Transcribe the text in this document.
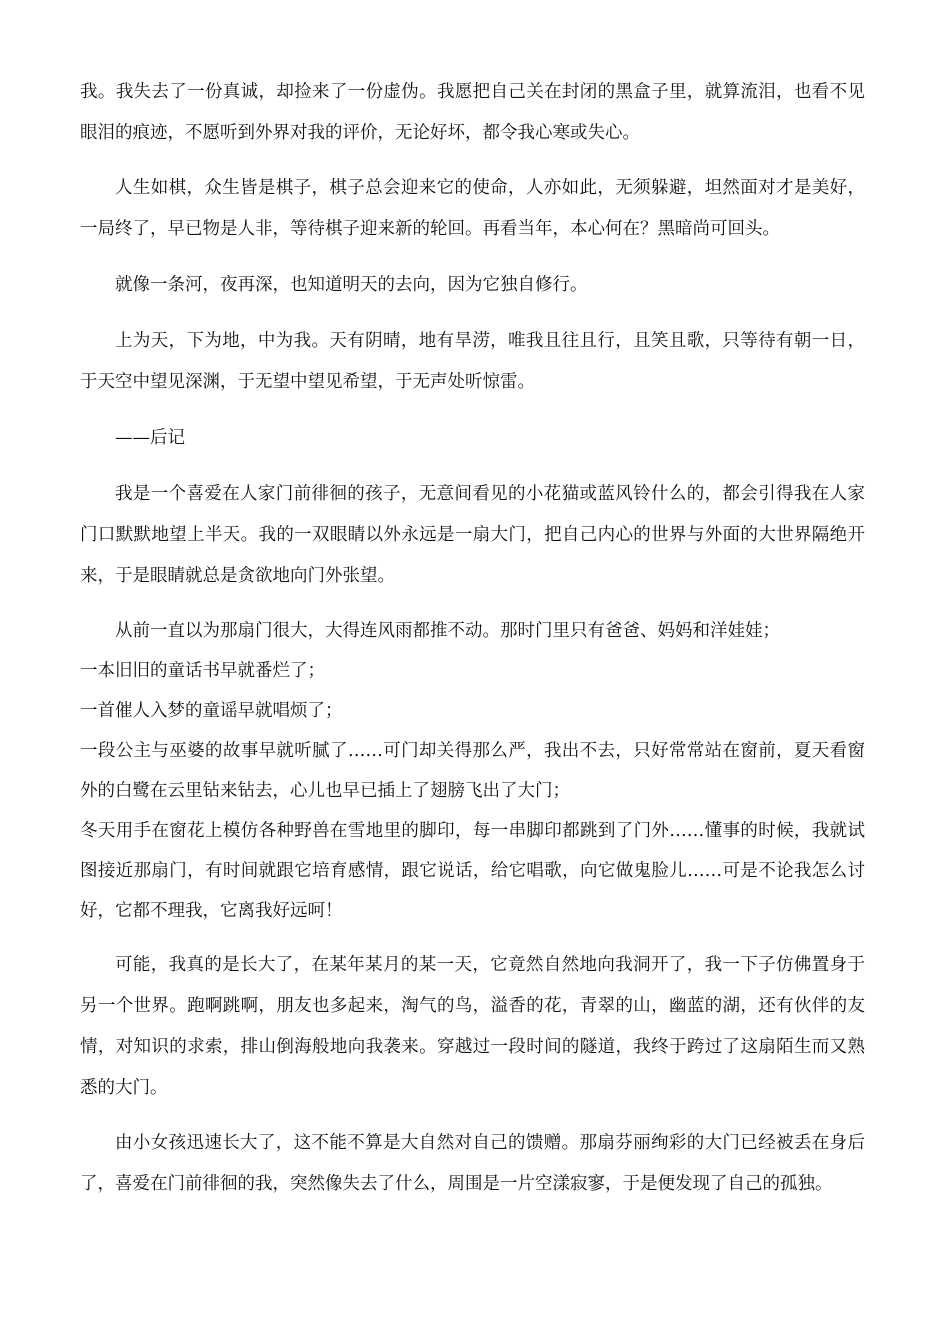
我。我失去了一份真诚，却捡来了一份虚伪。我愿把自己关在封闭的黑盒子里，就算流泪，也看不见眼泪的痕迹，不愿听到外界对我的评价，无论好坏，都令我心寒或失心。

人生如棋，众生皆是棋子，棋子总会迎来它的使命，人亦如此，无须躲避，坦然面对才是美好，一局终了，早已物是人非，等待棋子迎来新的轮回。再看当年，本心何在？黑暗尚可回头。

就像一条河，夜再深，也知道明天的去向，因为它独自修行。

上为天，下为地，中为我。天有阴晴，地有旱涝，唯我且往且行，且笑且歌，只等待有朝一日，于天空中望见深渊，于无望中望见希望，于无声处听惊雷。

——后记

我是一个喜爱在人家门前徘徊的孩子，无意间看见的小花猫或蓝风铃什么的，都会引得我在人家门口默默地望上半天。我的一双眼睛以外永远是一扇大门，把自己内心的世界与外面的大世界隔绝开来，于是眼睛就总是贪欲地向门外张望。

从前一直以为那扇门很大，大得连风雨都推不动。那时门里只有爸爸、妈妈和洋娃娃；
一本旧旧的童话书早就番烂了；
一首催人入梦的童谣早就唱烦了；
一段公主与巫婆的故事早就听腻了……可门却关得那么严，我出不去，只好常常站在窗前，夏天看窗外的白鹭在云里钻来钻去，心儿也早已插上了翅膀飞出了大门；
冬天用手在窗花上模仿各种野兽在雪地里的脚印，每一串脚印都跳到了门外……懂事的时候，我就试图接近那扇门，有时间就跟它培育感情，跟它说话，给它唱歌，向它做鬼脸儿……可是不论我怎么讨好，它都不理我，它离我好远呵！

可能，我真的是长大了，在某年某月的某一天，它竟然自然地向我洞开了，我一下子仿佛置身于另一个世界。跑啊跳啊，朋友也多起来，淘气的鸟，溢香的花，青翠的山，幽蓝的湖，还有伙伴的友情，对知识的求索，排山倒海般地向我袭来。穿越过一段时间的隧道，我终于跨过了这扇陌生而又熟悉的大门。

由小女孩迅速长大了，这不能不算是大自然对自己的馈赠。那扇芬丽绚彩的大门已经被丢在身后了，喜爱在门前徘徊的我，突然像失去了什么，周围是一片空漾寂寥，于是便发现了自己的孤独。
